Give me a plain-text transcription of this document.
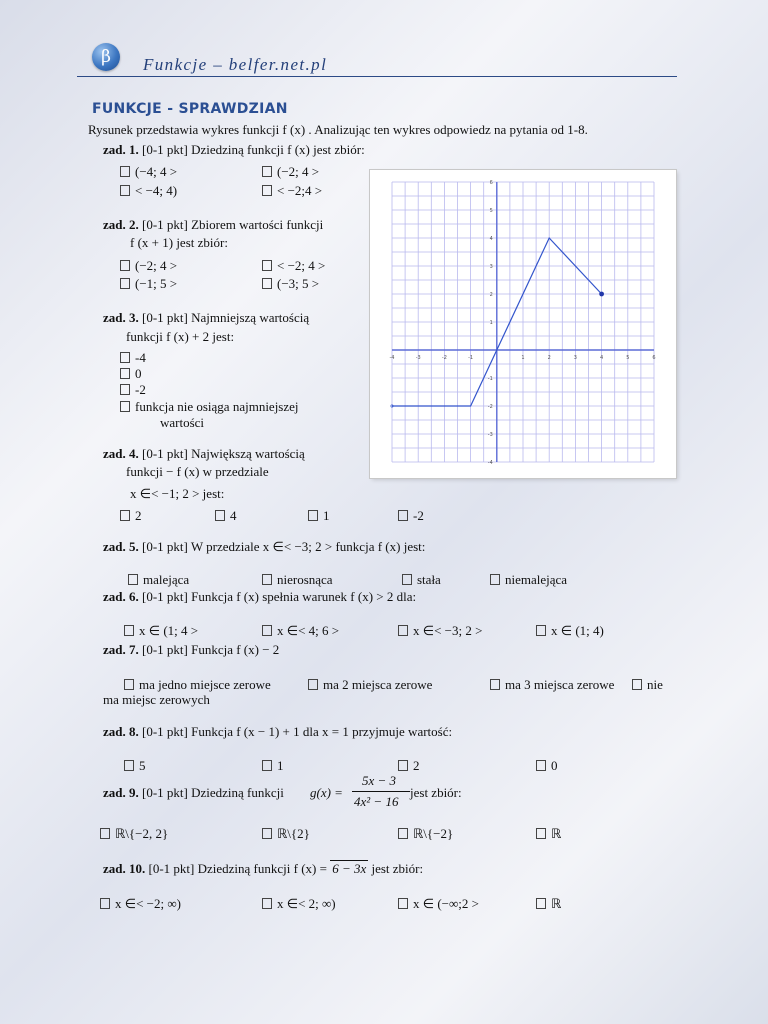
β	Funkcje – belfer.net.pl
FUNKCJE - SPRAWDZIAN
Rysunek przedstawia wykres funkcji f (x) . Analizując ten wykres odpowiedz na pytania od 1-8.
zad. 1. [0-1 pkt] Dziedziną funkcji f (x) jest zbiór:
(−4; 4 >	(−2; 4 >
< −4; 4)	< −2;4 >
zad. 2. [0-1 pkt] Zbiorem wartości funkcji
f (x + 1) jest zbiór:
(−2; 4 >	< −2; 4 >
(−1; 5 >	(−3; 5 >
zad. 3. [0-1 pkt] Najmniejszą wartością
funkcji f (x) + 2 jest:
-4
0
-2
funkcja nie osiąga najmniejszej
wartości
zad. 4. [0-1 pkt] Największą wartością
funkcji − f (x) w przedziale
x ∈< −1; 2 > jest:
2	4	1	-2
zad. 5. [0-1 pkt] W przedziale x ∈< −3; 2 > funkcja f (x) jest:
malejąca	nierosnąca	stała	niemalejąca
zad. 6. [0-1 pkt] Funkcja f (x) spełnia warunek f (x) > 2 dla:
x ∈ (1; 4 >	x ∈< 4; 6 >	x ∈< −3; 2 >	x ∈ (1; 4)
zad. 7. [0-1 pkt] Funkcja f (x) − 2
ma jedno miejsce zerowe	ma 2 miejsca zerowe	ma 3 miejsca zerowe	nie
ma miejsc zerowych
zad. 8. [0-1 pkt] Funkcja f (x − 1) + 1 dla x = 1 przyjmuje wartość:
5	1	2	0
zad. 9. [0-1 pkt] Dziedziną funkcji g(x) =
5x − 3
4x² − 16
jest zbiór:
ℝ\{−2, 2}	ℝ\{2}	ℝ\{−2}	ℝ
zad. 10. [0-1 pkt] Dziedziną funkcji f (x) = 6 − 3x jest zbiór:
x ∈< −2; ∞)	x ∈< 2; ∞)	x ∈ (−∞;2 >	ℝ
-4	-3	-2	-1	1	2	3	4	5	6
-4
-3
-2
-1
1
2
3
4
5
6
